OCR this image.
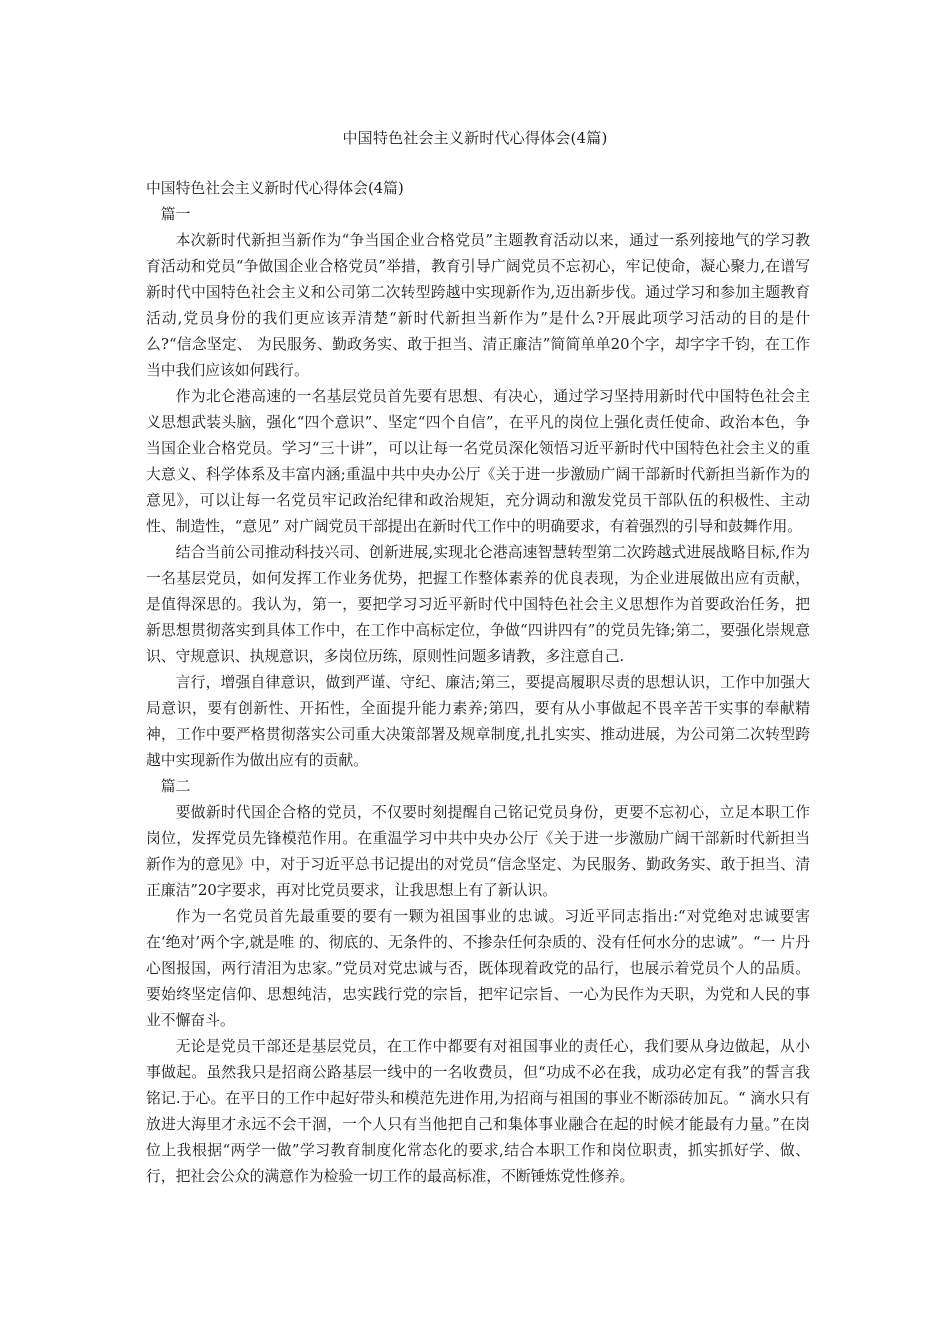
中国特色社会主义新时代心得体会(4篇)

中国特色社会主义新时代心得体会(4篇)

篇一

本次新时代新担当新作为“争当国企业合格党员”主题教育活动以来，通过一系列接地气的学习教育活动和党员“争做国企业合格党员”举措，教育引导广阔党员不忘初心，牢记使命，凝心聚力,在谱写新时代中国特色社会主义和公司第二次转型跨越中实现新作为,迈出新步伐。通过学习和参加主题教育活动,党员身份的我们更应该弄清楚“新时代新担当新作为”是什么?开展此项学习活动的目的是什么?“信念坚定、 为民服务、勤政务实、敢于担当、清正廉洁”简简单单20个字，却字字千钧，在工作当中我们应该如何践行。

作为北仑港高速的一名基层党员首先要有思想、有决心，通过学习坚持用新时代中国特色社会主义思想武装头脑，强化“四个意识”、坚定“四个自信”，在平凡的岗位上强化责任使命、政治本色，争当国企业合格党员。学习“三十讲”，可以让每一名党员深化领悟习近平新时代中国特色社会主义的重大意义、科学体系及丰富内涵;重温中共中央办公厅《关于进一步激励广阔干部新时代新担当新作为的意见》，可以让每一名党员牢记政治纪律和政治规矩，充分调动和激发党员干部队伍的积极性、主动性、制造性，“意见” 对广阔党员干部提出在新时代工作中的明确要求，有着强烈的引导和鼓舞作用。

结合当前公司推动科技兴司、创新进展,实现北仑港高速智慧转型第二次跨越式进展战略目标,作为一名基层党员，如何发挥工作业务优势，把握工作整体素养的优良表现，为企业进展做出应有贡献，是值得深思的。我认为，第一，要把学习习近平新时代中国特色社会主义思想作为首要政治任务，把新思想贯彻落实到具体工作中，在工作中高标定位，争做“四讲四有”的党员先锋;第二，要强化崇规意识、守规意识、执规意识，多岗位历练，原则性问题多请教，多注意自己.

言行，增强自律意识，做到严谨、守纪、廉洁;第三，要提高履职尽责的思想认识，工作中加强大局意识，要有创新性、开拓性，全面提升能力素养;第四，要有从小事做起不畏辛苦干实事的奉献精神，工作中要严格贯彻落实公司重大决策部署及规章制度,扎扎实实、推动进展，为公司第二次转型跨越中实现新作为做出应有的贡献。

篇二

要做新时代国企合格的党员，不仅要时刻提醒自己铭记党员身份，更要不忘初心，立足本职工作岗位，发挥党员先锋模范作用。在重温学习中共中央办公厅《关于进一步激励广阔干部新时代新担当新作为的意见》中，对于习近平总书记提出的对党员“信念坚定、为民服务、勤政务实、敢于担当、清正廉洁”20字要求，再对比党员要求，让我思想上有了新认识。

作为一名党员首先最重要的要有一颗为祖国事业的忠诚。习近平同志指出:“对党绝对忠诚要害在‘绝对’两个字,就是唯 的、彻底的、无条件的、不掺杂任何杂质的、没有任何水分的忠诚”。“一 片丹心图报国，两行清泪为忠家。”党员对党忠诚与否，既体现着政党的品行，也展示着党员个人的品质。要始终坚定信仰、思想纯洁，忠实践行党的宗旨，把牢记宗旨、一心为民作为天职，为党和人民的事业不懈奋斗。

无论是党员干部还是基层党员，在工作中都要有对祖国事业的责任心，我们要从身边做起，从小事做起。虽然我只是招商公路基层一线中的一名收费员，但“功成不必在我，成功必定有我”的誓言我铭记.于心。在平日的工作中起好带头和模范先进作用,为招商与祖国的事业不断添砖加瓦。“ 滴水只有放进大海里才永远不会干涸，一个人只有当他把自己和集体事业融合在起的时候才能最有力量。”在岗位上我根据“两学一做”学习教育制度化常态化的要求,结合本职工作和岗位职责，抓实抓好学、做、行，把社会公众的满意作为检验一切工作的最高标准，不断锤炼党性修养。
